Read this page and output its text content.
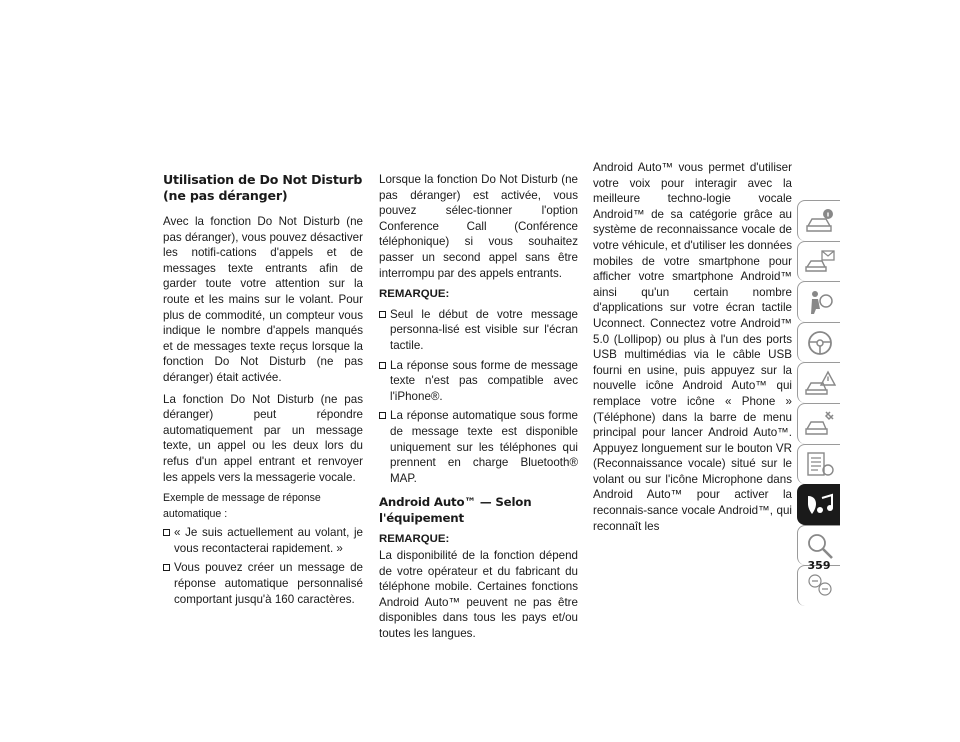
Utilisation de Do Not Disturb (ne pas déranger)

Avec la fonction Do Not Disturb (ne pas déranger), vous pouvez désactiver les notifi-cations d'appels et de messages texte entrants afin de garder toute votre attention sur la route et les mains sur le volant. Pour plus de commodité, un compteur vous indique le nombre d'appels manqués et de messages texte reçus lorsque la fonction Do Not Disturb (ne pas déranger) était activée.

La fonction Do Not Disturb (ne pas déranger) peut répondre automatiquement par un message texte, un appel ou les deux lors du refus d'un appel entrant et renvoyer les appels vers la messagerie vocale.

Exemple de message de réponse automatique :
« Je suis actuellement au volant, je vous recontacterai rapidement. »
Vous pouvez créer un message de réponse automatique personnalisé comportant jusqu'à 160 caractères.

Lorsque la fonction Do Not Disturb (ne pas déranger) est activée, vous pouvez sélec-tionner l'option Conference Call (Conférence téléphonique) si vous souhaitez passer un second appel sans être interrompu par des appels entrants.

REMARQUE:
Seul le début de votre message personna-lisé est visible sur l'écran tactile.
La réponse sous forme de message texte n'est pas compatible avec l'iPhone®.
La réponse automatique sous forme de message texte est disponible uniquement sur les téléphones qui prennent en charge Bluetooth® MAP.
Android Auto™ — Selon l'équipement
REMARQUE:

La disponibilité de la fonction dépend de votre opérateur et du fabricant du téléphone mobile. Certaines fonctions Android Auto™ peuvent ne pas être disponibles dans tous les pays et/ou toutes les langues.

Android Auto™ vous permet d'utiliser votre voix pour interagir avec la meilleure techno-logie vocale Android™ de sa catégorie grâce au système de reconnaissance vocale de votre véhicule, et d'utiliser les données mobiles de votre smartphone pour afficher votre smartphone Android™ ainsi qu'un certain nombre d'applications sur votre écran tactile Uconnect. Connectez votre Android™ 5.0 (Lollipop) ou plus à l'un des ports USB multimédias via le câble USB fourni en usine, puis appuyez sur la nouvelle icône Android Auto™ qui remplace votre icône « Phone » (Téléphone) dans la barre de menu principal pour lancer Android Auto™. Appuyez longuement sur le bouton VR (Reconnaissance vocale) situé sur le volant ou sur l'icône Microphone dans Android Auto™ pour activer la reconnais-sance vocale Android™, qui reconnaît les

359
